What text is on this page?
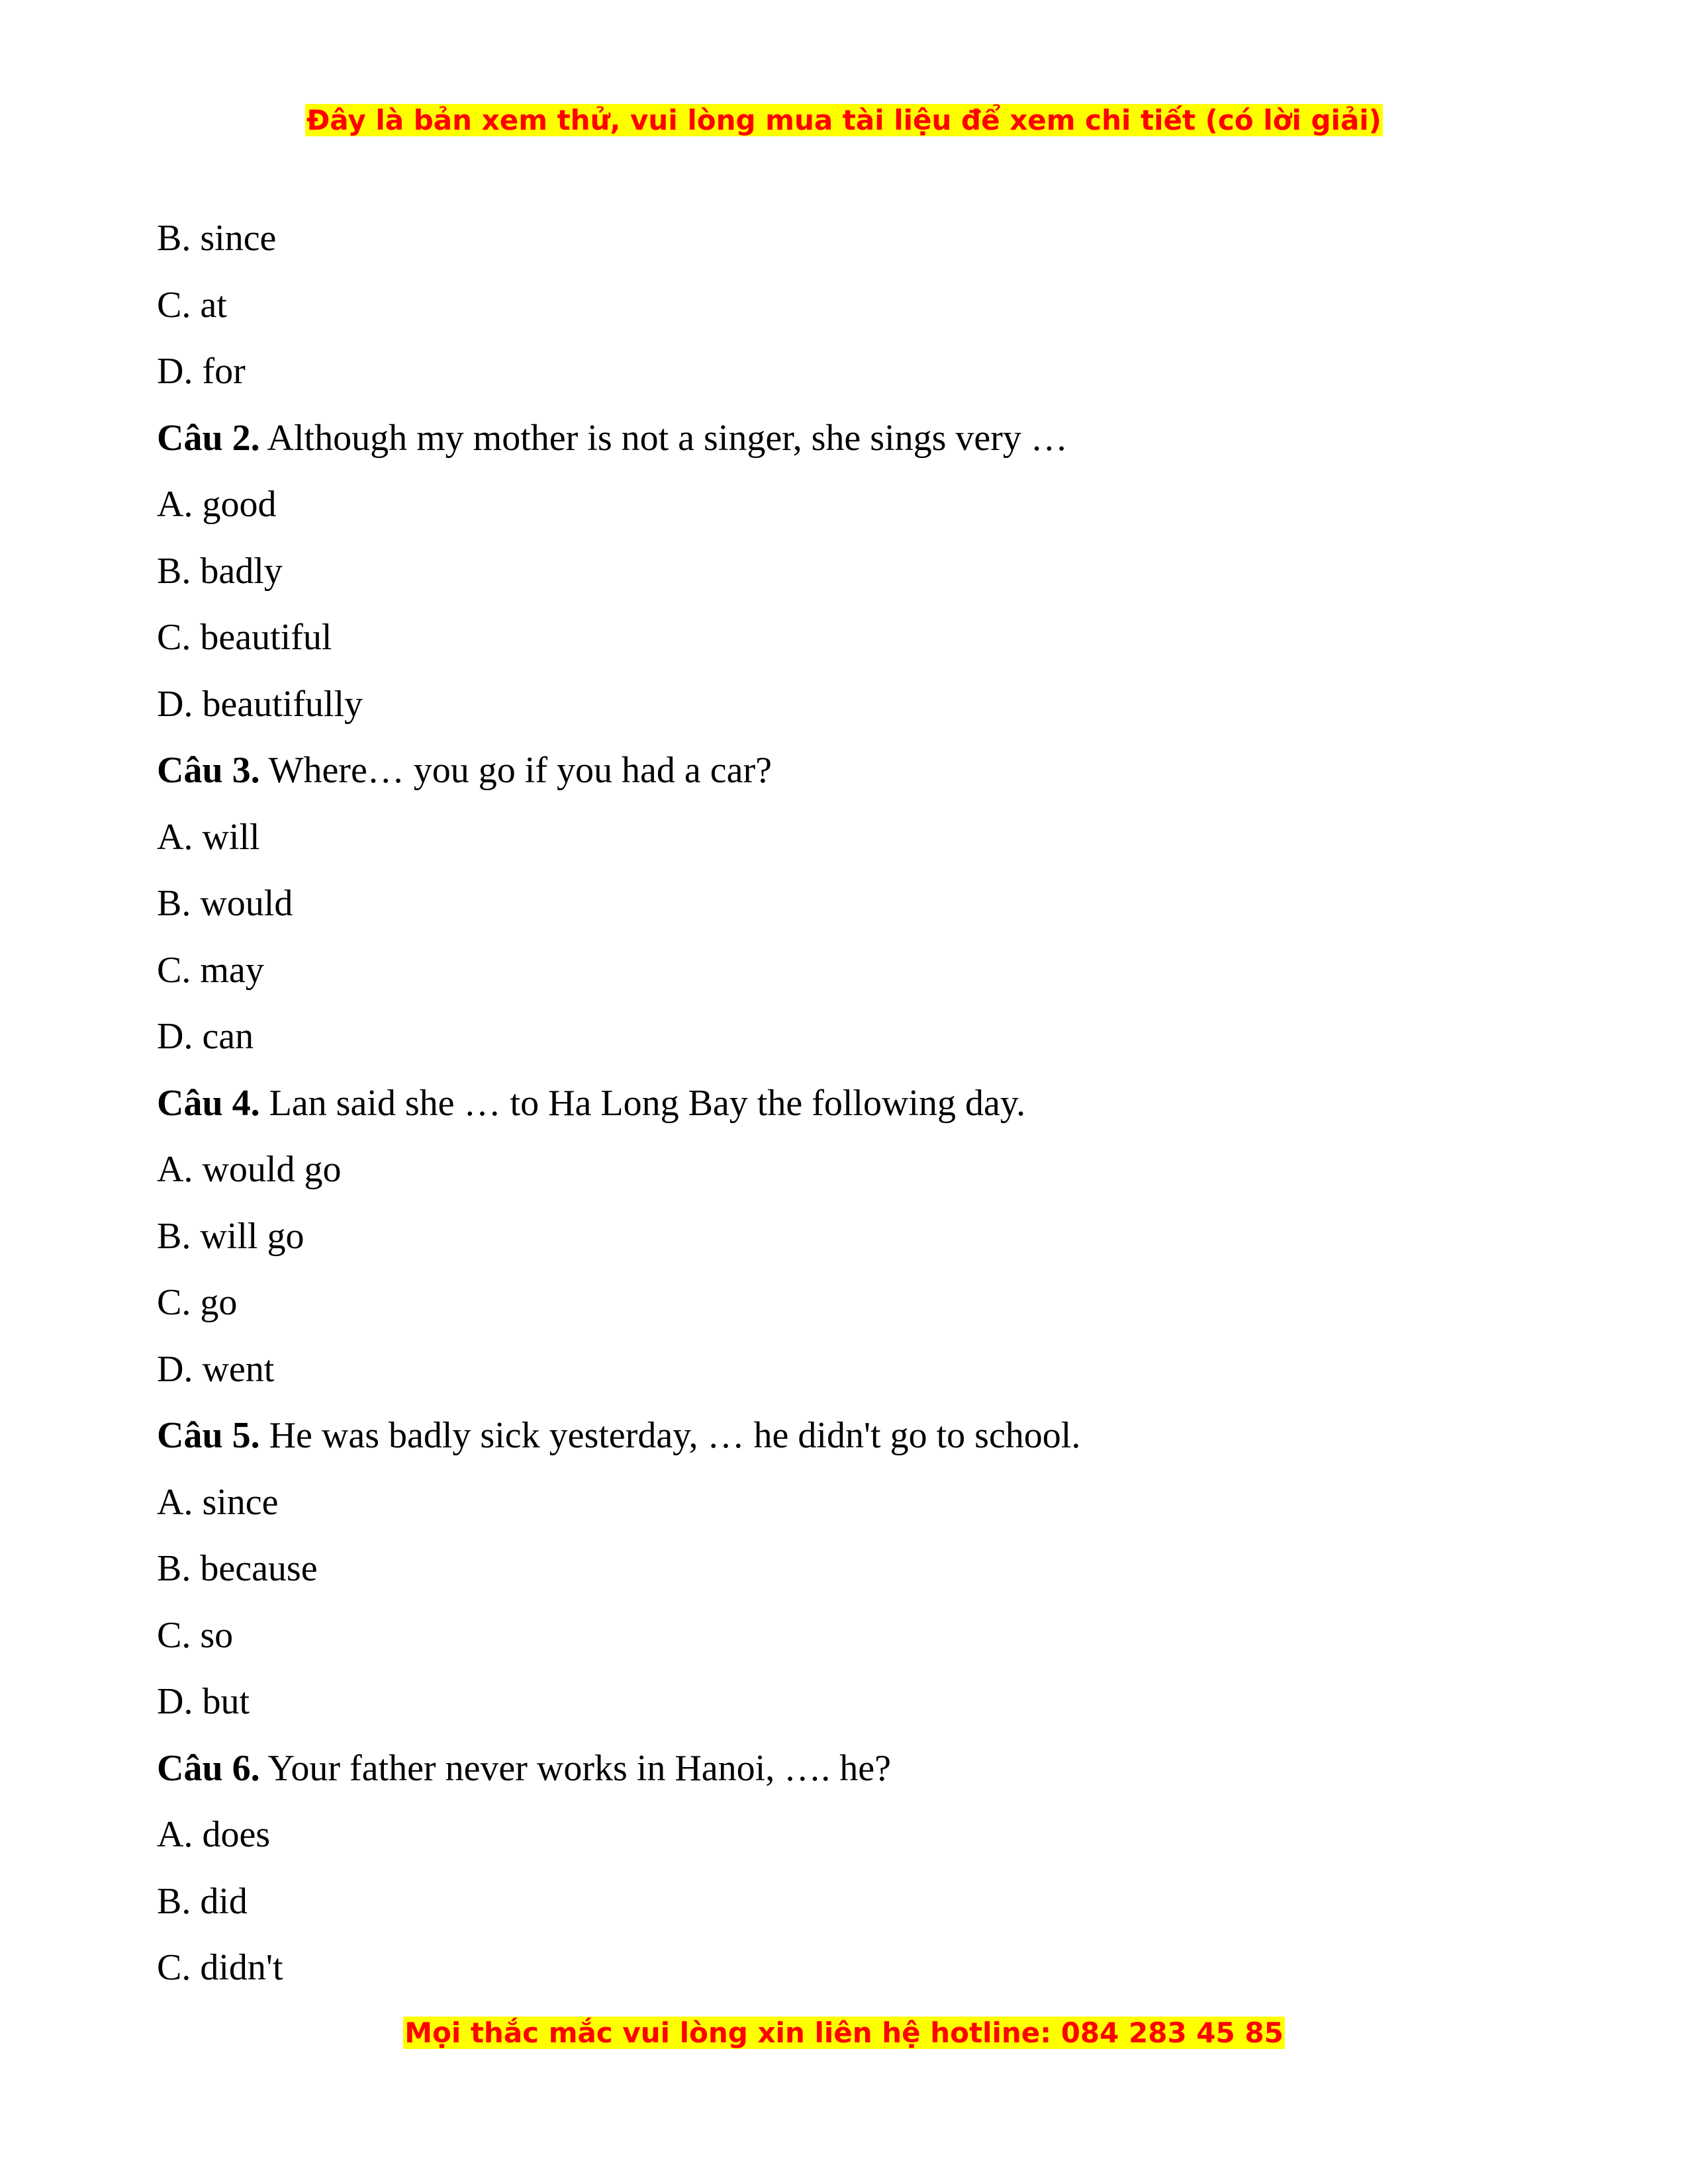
Đây là bản xem thử, vui lòng mua tài liệu để xem chi tiết (có lời giải)
B. since
C. at
D. for
Câu 2. Although my mother is not a singer, she sings very …
A. good
B. badly
C. beautiful
D. beautifully
Câu 3. Where… you go if you had a car?
A. will
B. would
C. may
D. can
Câu 4. Lan said she … to Ha Long Bay the following day.
A. would go
B. will go
C. go
D. went
Câu 5. He was badly sick yesterday, … he didn't go to school.
A. since
B. because
C. so
D. but
Câu 6. Your father never works in Hanoi, …. he?
A. does
B. did
C. didn't
Mọi thắc mắc vui lòng xin liên hệ hotline: 084 283 45 85
